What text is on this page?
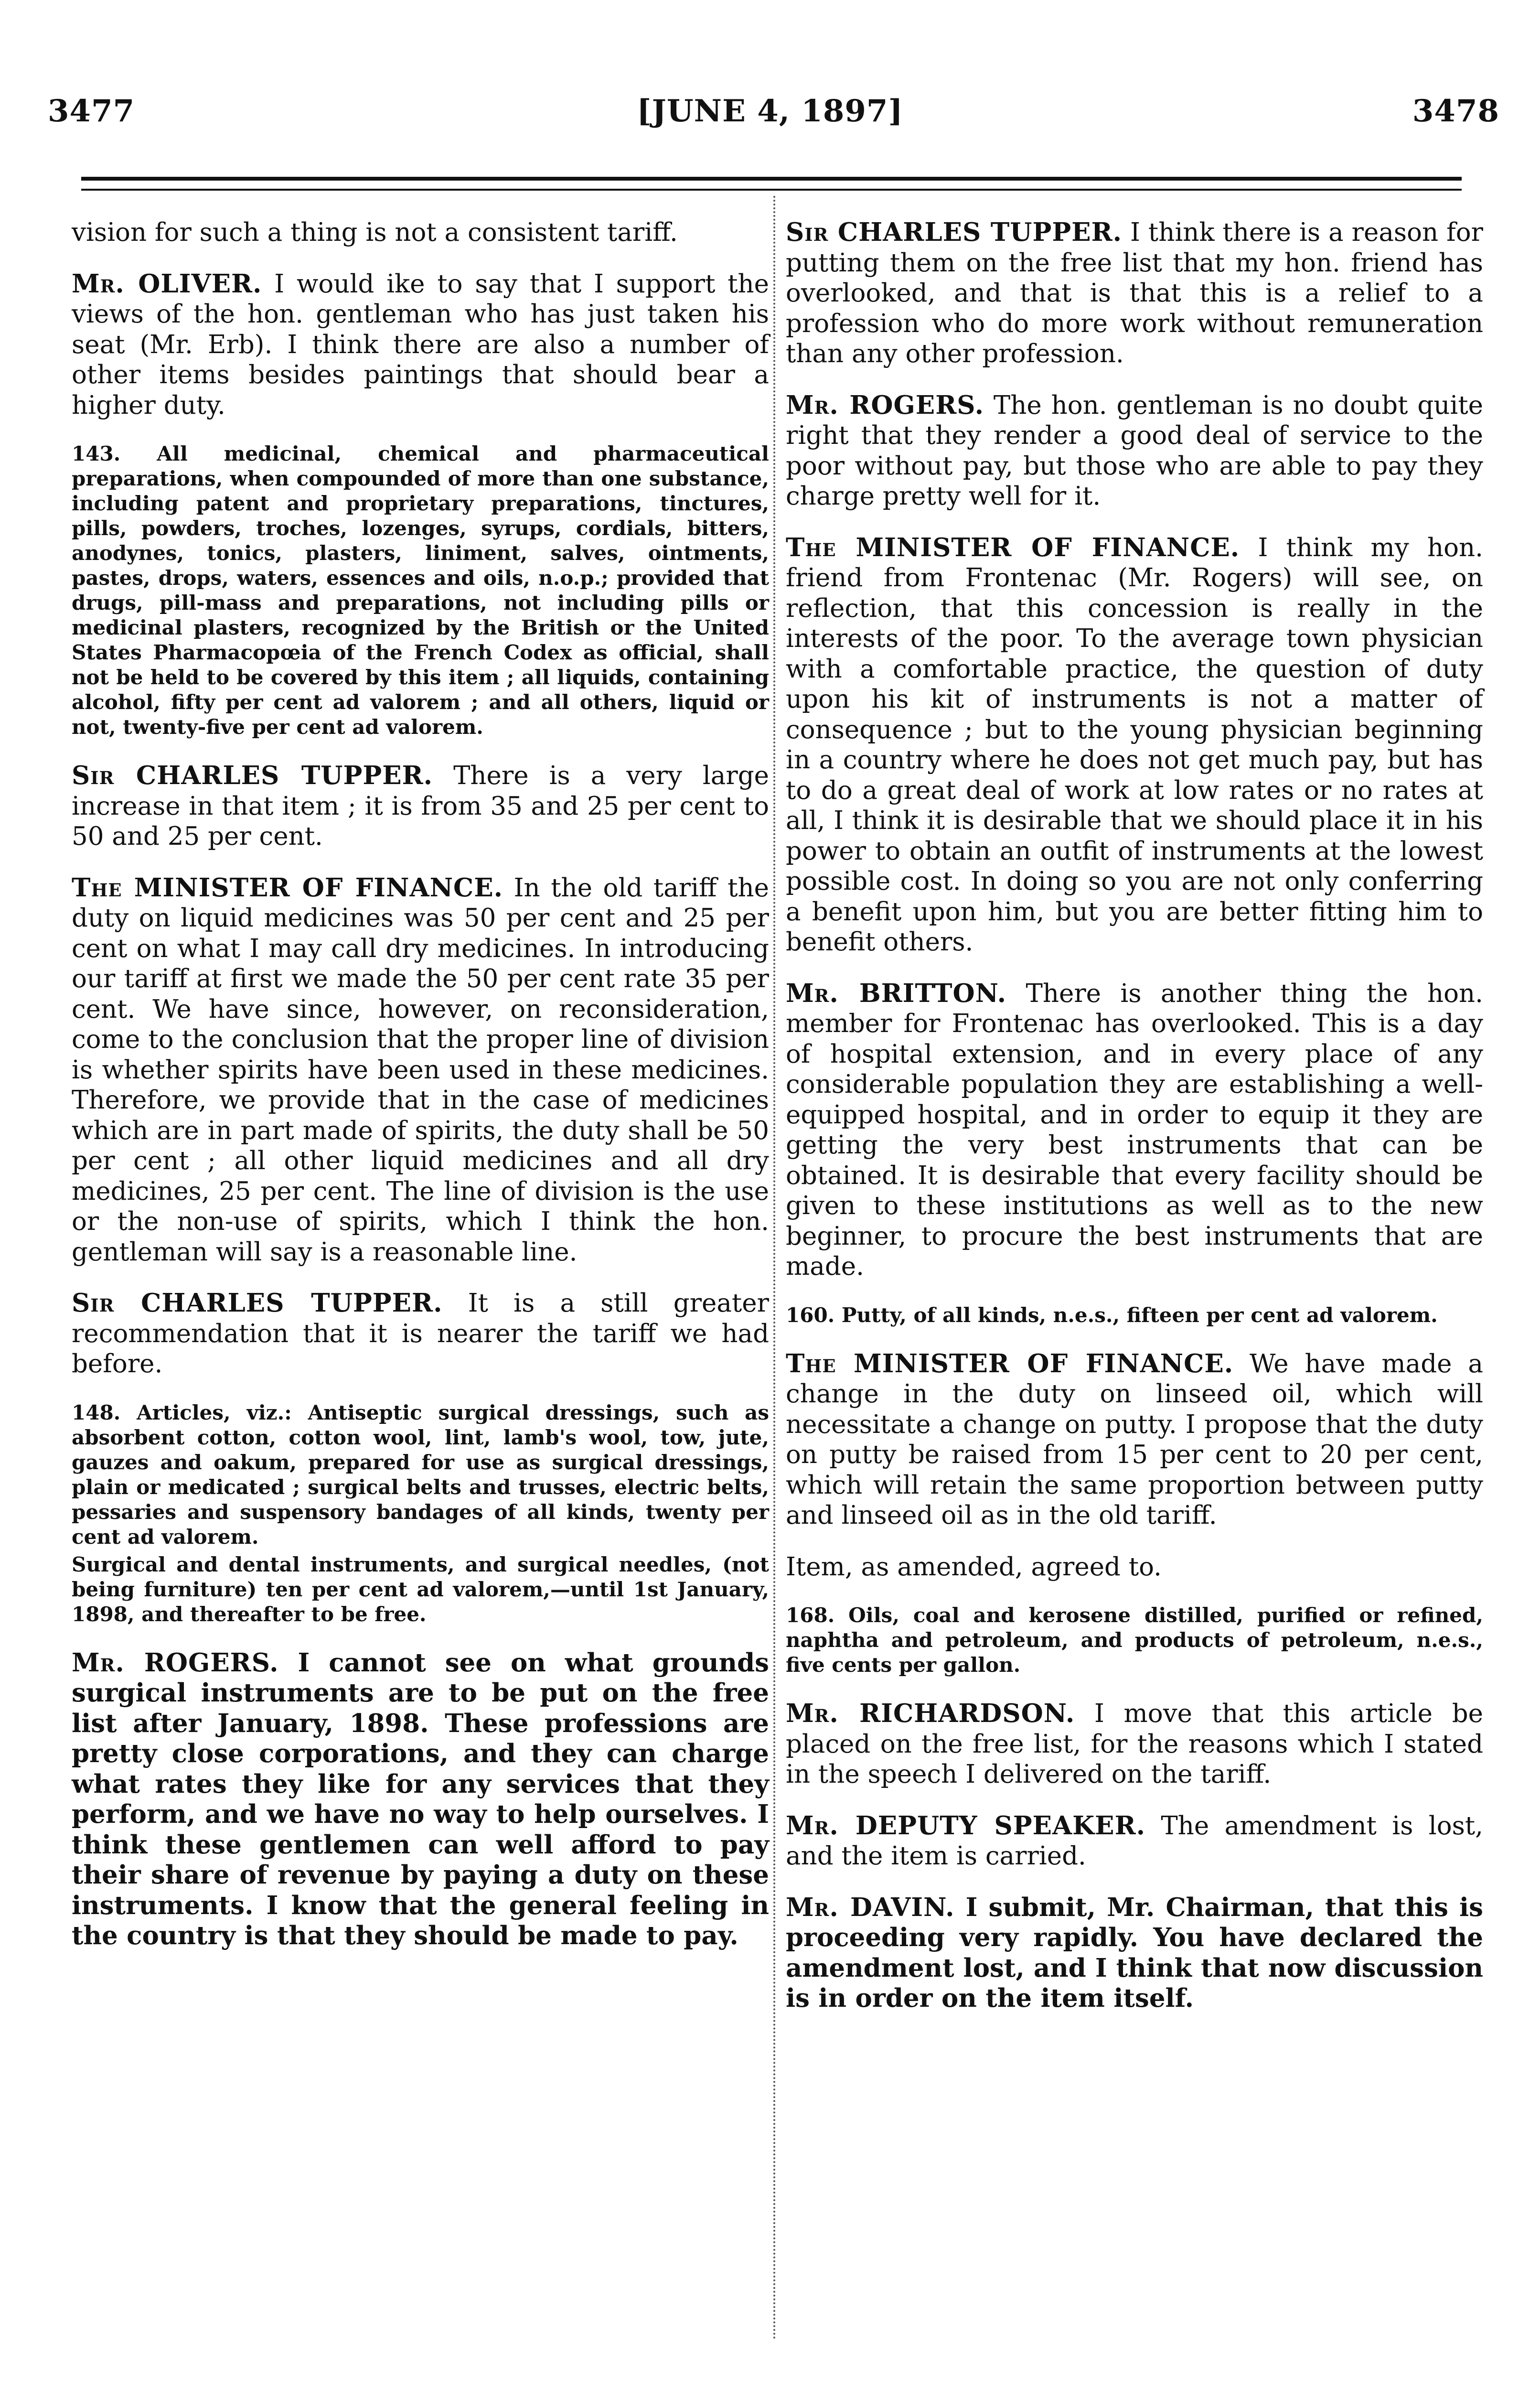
3477	[JUNE 4, 1897]	3478

vision for such a thing is not a consistent tariff.

Mr. OLIVER. I would ike to say that I support the views of the hon. gentleman who has just taken his seat (Mr. Erb). I think there are also a number of other items besides paintings that should bear a higher duty.

143. All medicinal, chemical and pharmaceutical preparations, when compounded of more than one substance, including patent and proprietary preparations, tinctures, pills, powders, troches, lozenges, syrups, cordials, bitters, anodynes, tonics, plasters, liniment, salves, ointments, pastes, drops, waters, essences and oils, n.o.p.; provided that drugs, pill-mass and preparations, not including pills or medicinal plasters, recognized by the British or the United States Pharmacopœia of the French Codex as official, shall not be held to be covered by this item ; all liquids, containing alcohol, fifty per cent ad valorem ; and all others, liquid or not, twenty-five per cent ad valorem.

Sir CHARLES TUPPER. There is a very large increase in that item ; it is from 35 and 25 per cent to 50 and 25 per cent.

The MINISTER OF FINANCE. In the old tariff the duty on liquid medicines was 50 per cent and 25 per cent on what I may call dry medicines. In introducing our tariff at first we made the 50 per cent rate 35 per cent. We have since, however, on reconsideration, come to the conclusion that the proper line of division is whether spirits have been used in these medicines. Therefore, we provide that in the case of medicines which are in part made of spirits, the duty shall be 50 per cent ; all other liquid medicines and all dry medicines, 25 per cent. The line of division is the use or the non-use of spirits, which I think the hon. gentleman will say is a reasonable line.

Sir CHARLES TUPPER. It is a still greater recommendation that it is nearer the tariff we had before.

148. Articles, viz.: Antiseptic surgical dressings, such as absorbent cotton, cotton wool, lint, lamb's wool, tow, jute, gauzes and oakum, prepared for use as surgical dressings, plain or medicated ; surgical belts and trusses, electric belts, pessaries and suspensory bandages of all kinds, twenty per cent ad valorem.

Surgical and dental instruments, and surgical needles, (not being furniture) ten per cent ad valorem,—until 1st January, 1898, and thereafter to be free.

Mr. ROGERS. I cannot see on what grounds surgical instruments are to be put on the free list after January, 1898. These professions are pretty close corporations, and they can charge what rates they like for any services that they perform, and we have no way to help ourselves. I think these gentlemen can well afford to pay their share of revenue by paying a duty on these instruments. I know that the general feeling in the country is that they should be made to pay.

Sir CHARLES TUPPER. I think there is a reason for putting them on the free list that my hon. friend has overlooked, and that is that this is a relief to a profession who do more work without remuneration than any other profession.

Mr. ROGERS. The hon. gentleman is no doubt quite right that they render a good deal of service to the poor without pay, but those who are able to pay they charge pretty well for it.

The MINISTER OF FINANCE. I think my hon. friend from Frontenac (Mr. Rogers) will see, on reflection, that this concession is really in the interests of the poor. To the average town physician with a comfortable practice, the question of duty upon his kit of instruments is not a matter of consequence ; but to the young physician beginning in a country where he does not get much pay, but has to do a great deal of work at low rates or no rates at all, I think it is desirable that we should place it in his power to obtain an outfit of instruments at the lowest possible cost. In doing so you are not only conferring a benefit upon him, but you are better fitting him to benefit others.

Mr. BRITTON. There is another thing the hon. member for Frontenac has overlooked. This is a day of hospital extension, and in every place of any considerable population they are establishing a well-equipped hospital, and in order to equip it they are getting the very best instruments that can be obtained. It is desirable that every facility should be given to these institutions as well as to the new beginner, to procure the best instruments that are made.

160. Putty, of all kinds, n.e.s., fifteen per cent ad valorem.

The MINISTER OF FINANCE. We have made a change in the duty on linseed oil, which will necessitate a change on putty. I propose that the duty on putty be raised from 15 per cent to 20 per cent, which will retain the same proportion between putty and linseed oil as in the old tariff.

Item, as amended, agreed to.

168. Oils, coal and kerosene distilled, purified or refined, naphtha and petroleum, and products of petroleum, n.e.s., five cents per gallon.

Mr. RICHARDSON. I move that this article be placed on the free list, for the reasons which I stated in the speech I delivered on the tariff.

Mr. DEPUTY SPEAKER. The amendment is lost, and the item is carried.

Mr. DAVIN. I submit, Mr. Chairman, that this is proceeding very rapidly. You have declared the amendment lost, and I think that now discussion is in order on the item itself.
